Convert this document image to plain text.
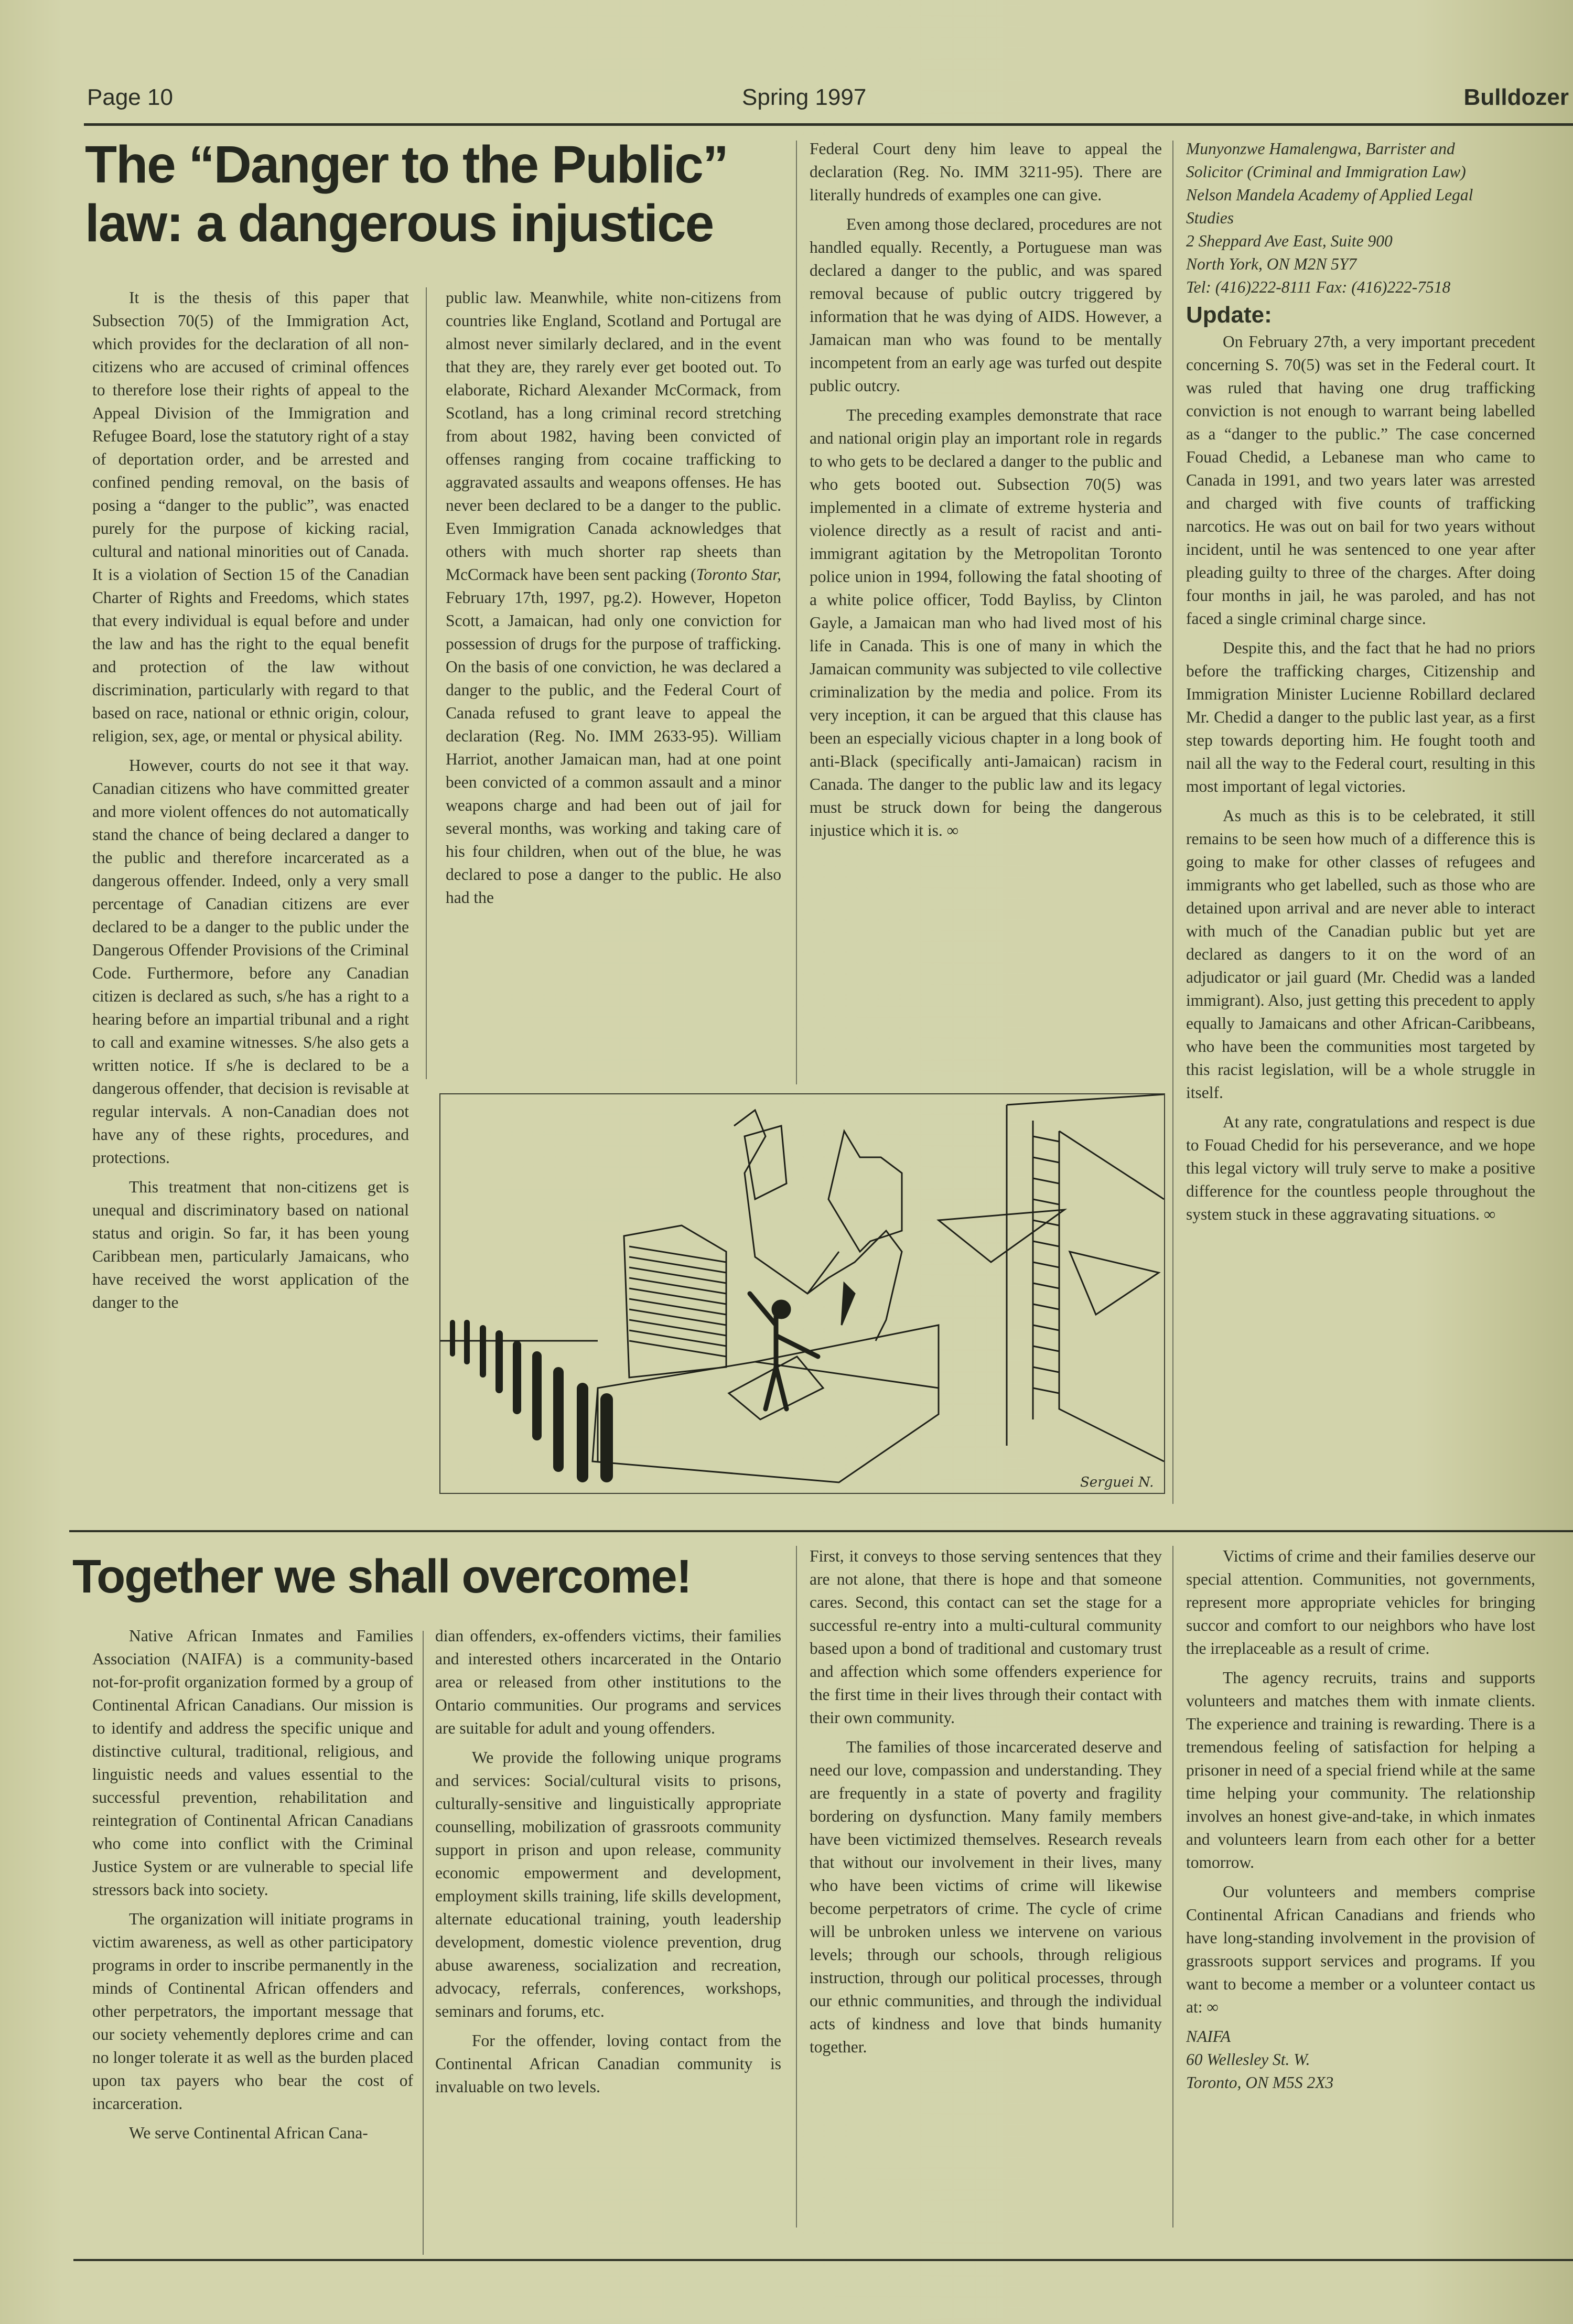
Page 10	Spring 1997	Bulldozer
The “Danger to the Public”
law: a dangerous injustice

It is the thesis of this paper that Subsection 70(5) of the Immigration Act, which provides for the declaration of all non-citizens who are accused of criminal offences to therefore lose their rights of appeal to the Appeal Division of the Immigration and Refugee Board, lose the statutory right of a stay of deportation order, and be arrested and confined pending removal, on the basis of posing a “danger to the public”, was enacted purely for the purpose of kicking racial, cultural and national minorities out of Canada. It is a violation of Section 15 of the Canadian Charter of Rights and Freedoms, which states that every individual is equal before and under the law and has the right to the equal benefit and protection of the law without discrimination, particularly with regard to that based on race, national or ethnic origin, colour, religion, sex, age, or mental or physical ability.

However, courts do not see it that way. Canadian citizens who have committed greater and more violent offences do not automatically stand the chance of being declared a danger to the public and therefore incarcerated as a dangerous offender. Indeed, only a very small percentage of Canadian citizens are ever declared to be a danger to the public under the Dangerous Offender Provisions of the Criminal Code. Furthermore, before any Canadian citizen is declared as such, s/he has a right to a hearing before an impartial tribunal and a right to call and examine witnesses. S/he also gets a written notice. If s/he is declared to be a dangerous offender, that decision is revisable at regular intervals. A non-Canadian does not have any of these rights, procedures, and protections.

This treatment that non-citizens get is unequal and discriminatory based on national status and origin. So far, it has been young Caribbean men, particularly Jamaicans, who have received the worst application of the danger to the

public law. Meanwhile, white non-citizens from countries like England, Scotland and Portugal are almost never similarly declared, and in the event that they are, they rarely ever get booted out. To elaborate, Richard Alexander McCormack, from Scotland, has a long criminal record stretching from about 1982, having been convicted of offenses ranging from cocaine trafficking to aggravated assaults and weapons offenses. He has never been declared to be a danger to the public. Even Immigration Canada acknowledges that others with much shorter rap sheets than McCormack have been sent packing (Toronto Star, February 17th, 1997, pg.2). However, Hopeton Scott, a Jamaican, had only one conviction for possession of drugs for the purpose of trafficking. On the basis of one conviction, he was declared a danger to the public, and the Federal Court of Canada refused to grant leave to appeal the declaration (Reg. No. IMM 2633-95). William Harriot, another Jamaican man, had at one point been convicted of a common assault and a minor weapons charge and had been out of jail for several months, was working and taking care of his four children, when out of the blue, he was declared to pose a danger to the public. He also had the

Federal Court deny him leave to appeal the declaration (Reg. No. IMM 3211-95). There are literally hundreds of examples one can give.

Even among those declared, procedures are not handled equally. Recently, a Portuguese man was declared a danger to the public, and was spared removal because of public outcry triggered by information that he was dying of AIDS. However, a Jamaican man who was found to be mentally incompetent from an early age was turfed out despite public outcry.

The preceding examples demonstrate that race and national origin play an important role in regards to who gets to be declared a danger to the public and who gets booted out. Subsection 70(5) was implemented in a climate of extreme hysteria and violence directly as a result of racist and anti-immigrant agitation by the Metropolitan Toronto police union in 1994, following the fatal shooting of a white police officer, Todd Bayliss, by Clinton Gayle, a Jamaican man who had lived most of his life in Canada. This is one of many in which the Jamaican community was subjected to vile collective criminalization by the media and police. From its very inception, it can be argued that this clause has been an especially vicious chapter in a long book of anti-Black (specifically anti-Jamaican) racism in Canada. The danger to the public law and its legacy must be struck down for being the dangerous injustice which it is. ∞

Munyonzwe Hamalengwa, Barrister and
Solicitor (Criminal and Immigration Law)
Nelson Mandela Academy of Applied Legal
Studies
2 Sheppard Ave East, Suite 900
North York, ON M2N 5Y7
Tel: (416)222-8111 Fax: (416)222-7518
Update:

On February 27th, a very important precedent concerning S. 70(5) was set in the Federal court. It was ruled that having one drug trafficking conviction is not enough to warrant being labelled as a “danger to the public.” The case concerned Fouad Chedid, a Lebanese man who came to Canada in 1991, and two years later was arrested and charged with five counts of trafficking narcotics. He was out on bail for two years without incident, until he was sentenced to one year after pleading guilty to three of the charges. After doing four months in jail, he was paroled, and has not faced a single criminal charge since.

Despite this, and the fact that he had no priors before the trafficking charges, Citizenship and Immigration Minister Lucienne Robillard declared Mr. Chedid a danger to the public last year, as a first step towards deporting him. He fought tooth and nail all the way to the Federal court, resulting in this most important of legal victories.

As much as this is to be celebrated, it still remains to be seen how much of a difference this is going to make for other classes of refugees and immigrants who get labelled, such as those who are detained upon arrival and are never able to interact with much of the Canadian public but yet are declared as dangers to it on the word of an adjudicator or jail guard (Mr. Chedid was a landed immigrant). Also, just getting this precedent to apply equally to Jamaicans and other African-Caribbeans, who have been the communities most targeted by this racist legislation, will be a whole struggle in itself.

At any rate, congratulations and respect is due to Fouad Chedid for his perseverance, and we hope this legal victory will truly serve to make a positive difference for the countless people throughout the system stuck in these aggravating situations. ∞

Serguei N.
Together we shall overcome!

Native African Inmates and Families Association (NAIFA) is a community-based not-for-profit organization formed by a group of Continental African Canadians. Our mission is to identify and address the specific unique and distinctive cultural, traditional, religious, and linguistic needs and values essential to the successful prevention, rehabilitation and reintegration of Continental African Canadians who come into conflict with the Criminal Justice System or are vulnerable to special life stressors back into society.

The organization will initiate programs in victim awareness, as well as other participatory programs in order to inscribe permanently in the minds of Continental African offenders and other perpetrators, the important message that our society vehemently deplores crime and can no longer tolerate it as well as the burden placed upon tax payers who bear the cost of incarceration.

We serve Continental African Cana-

dian offenders, ex-offenders victims, their families and interested others incarcerated in the Ontario area or released from other institutions to the Ontario communities. Our programs and services are suitable for adult and young offenders.

We provide the following unique programs and services: Social/cultural visits to prisons, culturally-sensitive and linguistically appropriate counselling, mobilization of grassroots community support in prison and upon release, community economic empowerment and development, employment skills training, life skills development, alternate educational training, youth leadership development, domestic violence prevention, drug abuse awareness, socialization and recreation, advocacy, referrals, conferences, workshops, seminars and forums, etc.

For the offender, loving contact from the Continental African Canadian community is invaluable on two levels.

First, it conveys to those serving sentences that they are not alone, that there is hope and that someone cares. Second, this contact can set the stage for a successful re-entry into a multi-cultural community based upon a bond of traditional and customary trust and affection which some offenders experience for the first time in their lives through their contact with their own community.

The families of those incarcerated deserve and need our love, compassion and understanding. They are frequently in a state of poverty and fragility bordering on dysfunction. Many family members have been victimized themselves. Research reveals that without our involvement in their lives, many who have been victims of crime will likewise become perpetrators of crime. The cycle of crime will be unbroken unless we intervene on various levels; through our schools, through religious instruction, through our political processes, through our ethnic communities, and through the individual acts of kindness and love that binds humanity together.

Victims of crime and their families deserve our special attention. Communities, not governments, represent more appropriate vehicles for bringing succor and comfort to our neighbors who have lost the irreplaceable as a result of crime.

The agency recruits, trains and supports volunteers and matches them with inmate clients. The experience and training is rewarding. There is a tremendous feeling of satisfaction for helping a prisoner in need of a special friend while at the same time helping your community. The relationship involves an honest give-and-take, in which inmates and volunteers learn from each other for a better tomorrow.

Our volunteers and members comprise Continental African Canadians and friends who have long-standing involvement in the provision of grassroots support services and programs. If you want to become a member or a volunteer contact us at: ∞

NAIFA
60 Wellesley St. W.
Toronto, ON M5S 2X3
